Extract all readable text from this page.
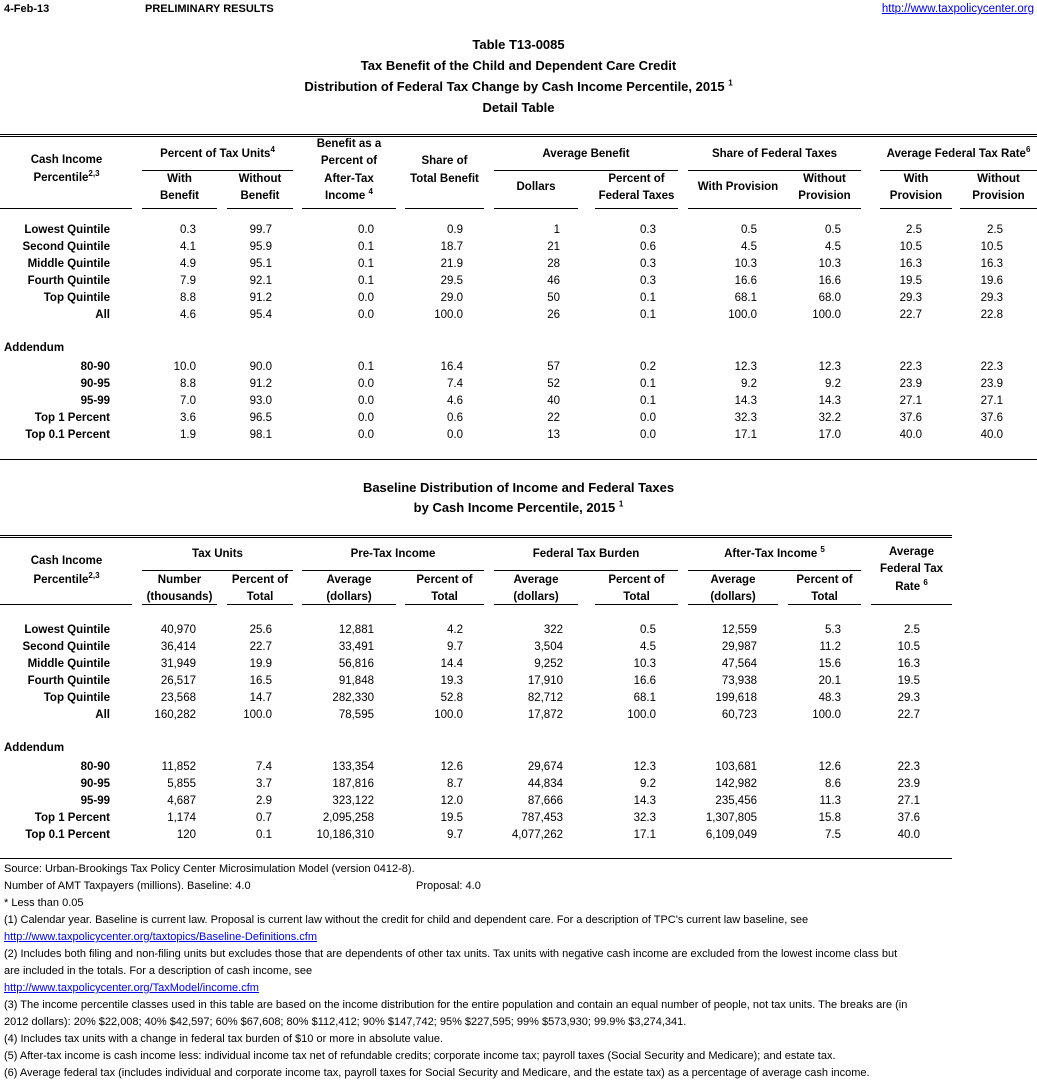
4-Feb-13	PRELIMINARY RESULTS	http://www.taxpolicycenter.org
Table T13-0085
Tax Benefit of the Child and Dependent Care Credit
Distribution of Federal Tax Change by Cash Income Percentile, 2015 $^1$
Detail Table
Cash Income
Percentile$^{2,3}$
Percent of Tax Units$^4$
With
Benefit
Without
Benefit
Benefit as a
Percent of
After-Tax
Income $^4$
Share of
Total Benefit
Average Benefit
Dollars
Percent of
Federal Taxes
Share of Federal Taxes
With Provision
Without
Provision
Average Federal Tax Rate$^6$
With
Provision
Without
Provision
Lowest Quintile	0.3	99.7	0.0	0.9	1	0.3	0.5	0.5	2.5	2.5
Second Quintile	4.1	95.9	0.1	18.7	21	0.6	4.5	4.5	10.5	10.5
Middle Quintile	4.9	95.1	0.1	21.9	28	0.3	10.3	10.3	16.3	16.3
Fourth Quintile	7.9	92.1	0.1	29.5	46	0.3	16.6	16.6	19.5	19.6
Top Quintile	8.8	91.2	0.0	29.0	50	0.1	68.1	68.0	29.3	29.3
All	4.6	95.4	0.0	100.0	26	0.1	100.0	100.0	22.7	22.8
80-90	10.0	90.0	0.1	16.4	57	0.2	12.3	12.3	22.3	22.3
90-95	8.8	91.2	0.0	7.4	52	0.1	9.2	9.2	23.9	23.9
95-99	7.0	93.0	0.0	4.6	40	0.1	14.3	14.3	27.1	27.1
Top 1 Percent	3.6	96.5	0.0	0.6	22	0.0	32.3	32.2	37.6	37.6
Top 0.1 Percent	1.9	98.1	0.0	0.0	13	0.0	17.1	17.0	40.0	40.0
Addendum
Baseline Distribution of Income and Federal Taxes
by Cash Income Percentile, 2015 $^1$
Cash Income
Percentile$^{2,3}$
Tax Units
Number
(thousands)
Percent of
Total
Pre-Tax Income
Average
(dollars)
Percent of
Total
Federal Tax Burden
Average
(dollars)
Percent of
Total
After-Tax Income $^5$
Average
(dollars)
Percent of
Total
Average
Federal Tax
Rate $^6$
Lowest Quintile	40,970	25.6	12,881	4.2	322	0.5	12,559	5.3	2.5
Second Quintile	36,414	22.7	33,491	9.7	3,504	4.5	29,987	11.2	10.5
Middle Quintile	31,949	19.9	56,816	14.4	9,252	10.3	47,564	15.6	16.3
Fourth Quintile	26,517	16.5	91,848	19.3	17,910	16.6	73,938	20.1	19.5
Top Quintile	23,568	14.7	282,330	52.8	82,712	68.1	199,618	48.3	29.3
All	160,282	100.0	78,595	100.0	17,872	100.0	60,723	100.0	22.7
80-90	11,852	7.4	133,354	12.6	29,674	12.3	103,681	12.6	22.3
90-95	5,855	3.7	187,816	8.7	44,834	9.2	142,982	8.6	23.9
95-99	4,687	2.9	323,122	12.0	87,666	14.3	235,456	11.3	27.1
Top 1 Percent	1,174	0.7	2,095,258	19.5	787,453	32.3	1,307,805	15.8	37.6
Top 0.1 Percent	120	0.1	10,186,310	9.7	4,077,262	17.1	6,109,049	7.5	40.0
Addendum
Source: Urban-Brookings Tax Policy Center Microsimulation Model (version 0412-8).
Number of AMT Taxpayers (millions). Baseline: 4.0	Proposal: 4.0
* Less than 0.05
(1) Calendar year. Baseline is current law. Proposal is current law without the credit for child and dependent care. For a description of TPC's current law baseline, see
http://www.taxpolicycenter.org/taxtopics/Baseline-Definitions.cfm
(2) Includes both filing and non-filing units but excludes those that are dependents of other tax units. Tax units with negative cash income are excluded from the lowest income class but
are included in the totals. For a description of cash income, see
http://www.taxpolicycenter.org/TaxModel/income.cfm
(3) The income percentile classes used in this table are based on the income distribution for the entire population and contain an equal number of people, not tax units. The breaks are (in
2012 dollars): 20% $22,008; 40% $42,597; 60% $67,608; 80% $112,412; 90% $147,742; 95% $227,595; 99% $573,930; 99.9% $3,274,341.
(4) Includes tax units with a change in federal tax burden of $10 or more in absolute value.
(5) After-tax income is cash income less: individual income tax net of refundable credits; corporate income tax; payroll taxes (Social Security and Medicare); and estate tax.
(6) Average federal tax (includes individual and corporate income tax, payroll taxes for Social Security and Medicare, and the estate tax) as a percentage of average cash income.
